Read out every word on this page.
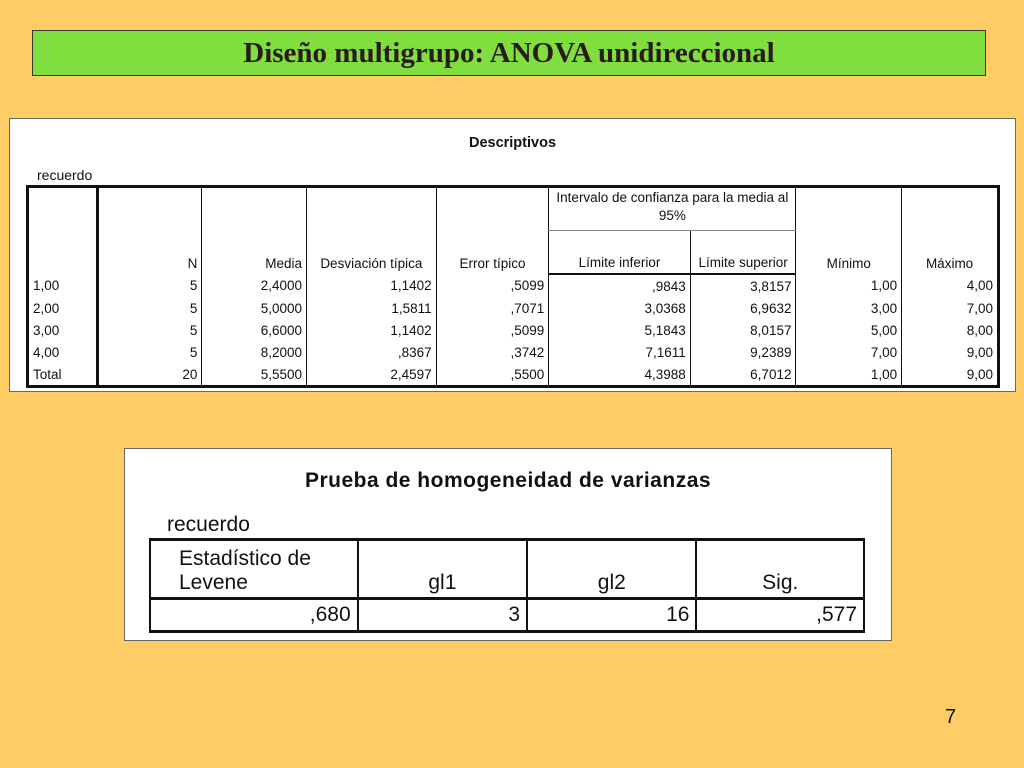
Diseño multigrupo: ANOVA unidireccional
Descriptivos
recuerdo
	N	Media	Desviación típica	Error típico	Intervalo de confianza para la media al 95%		Mínimo	Máximo
					Límite inferior	Límite superior		
1,00	5	2,4000	1,1402	,5099	,9843	3,8157	1,00	4,00
2,00	5	5,0000	1,5811	,7071	3,0368	6,9632	3,00	7,00
3,00	5	6,6000	1,1402	,5099	5,1843	8,0157	5,00	8,00
4,00	5	8,2000	,8367	,3742	7,1611	9,2389	7,00	9,00
Total	20	5,5500	2,4597	,5500	4,3988	6,7012	1,00	9,00
Prueba de homogeneidad de varianzas
recuerdo
Estadístico de Levene	gl1	gl2	Sig.
,680	3	16	,577
7
